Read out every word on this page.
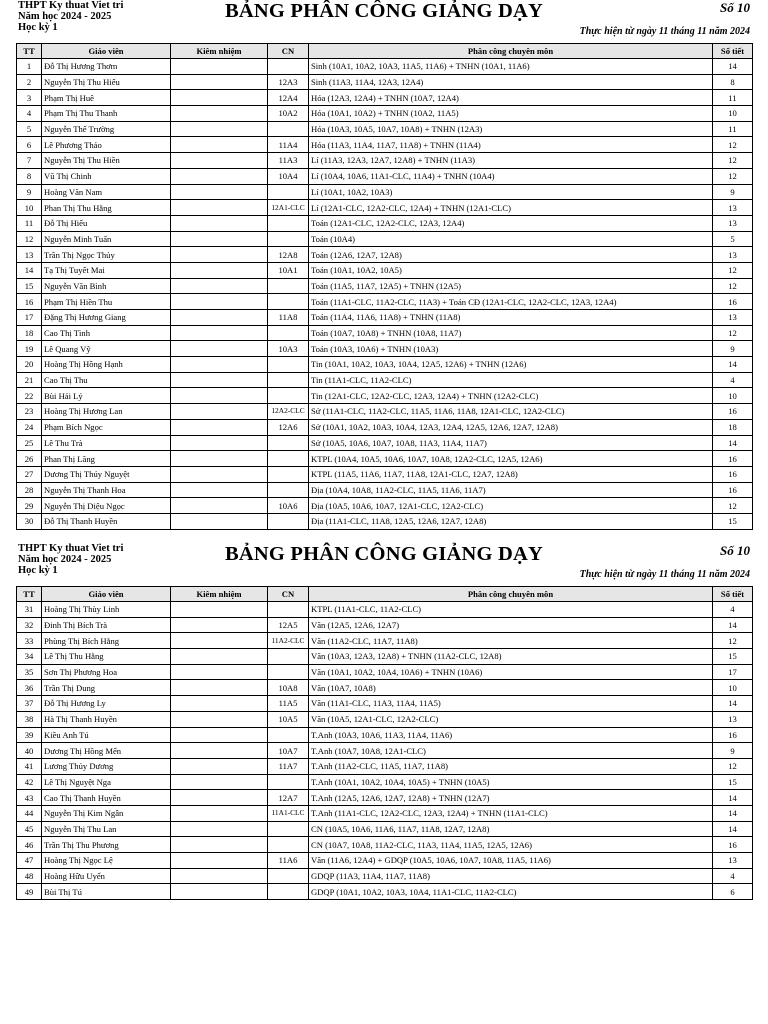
THPT Ky thuat Viet tri
Năm học 2024 - 2025
Học kỳ 1
BẢNG PHÂN CÔNG GIẢNG DẠY	Số 10
Thực hiện từ ngày 11 tháng 11 năm 2024
TT	Giáo viên	Kiêm nhiệm	CN	Phân công chuyên môn	Số tiết
1	Đỗ Thị Hương Thơm			Sinh (10A1, 10A2, 10A3, 11A5, 11A6) + TNHN (10A1, 11A6)	14
2	Nguyễn Thị Thu Hiếu		12A3	Sinh (11A3, 11A4, 12A3, 12A4)	8
3	Phạm Thị Huê		12A4	Hóa (12A3, 12A4) + TNHN (10A7, 12A4)	11
4	Phạm Thị Thu Thanh		10A2	Hóa (10A1, 10A2) + TNHN (10A2, 11A5)	10
5	Nguyễn Thế Trường			Hóa (10A3, 10A5, 10A7, 10A8) + TNHN (12A3)	11
6	Lê Phương Thảo		11A4	Hóa (11A3, 11A4, 11A7, 11A8) + TNHN (11A4)	12
7	Nguyễn Thị Thu Hiền		11A3	Lí (11A3, 12A3, 12A7, 12A8) + TNHN (11A3)	12
8	Vũ Thị Chinh		10A4	Lí (10A4, 10A6, 11A1-CLC, 11A4) + TNHN (10A4)	12
9	Hoàng Văn Nam			Lí (10A1, 10A2, 10A3)	9
10	Phan Thị Thu Hằng		12A1-CLC	Lí (12A1-CLC, 12A2-CLC, 12A4) + TNHN (12A1-CLC)	13
11	Đỗ Thị Hiếu			Toán (12A1-CLC, 12A2-CLC, 12A3, 12A4)	13
12	Nguyễn Minh Tuấn			Toán (10A4)	5
13	Trần Thị Ngọc Thủy		12A8	Toán (12A6, 12A7, 12A8)	13
14	Tạ Thị Tuyết Mai		10A1	Toán (10A1, 10A2, 10A5)	12
15	Nguyễn Văn Bình			Toán (11A5, 11A7, 12A5) + TNHN (12A5)	12
16	Phạm Thị Hiền Thu			Toán (11A1-CLC, 11A2-CLC, 11A3) + Toán CĐ (12A1-CLC, 12A2-CLC, 12A3, 12A4)	16
17	Đặng Thị Hương Giang		11A8	Toán (11A4, 11A6, 11A8) + TNHN (11A8)	13
18	Cao Thị Tình			Toán (10A7, 10A8) + TNHN (10A8, 11A7)	12
19	Lê Quang Vỹ		10A3	Toán (10A3, 10A6) + TNHN (10A3)	9
20	Hoàng Thị Hồng Hạnh			Tin (10A1, 10A2, 10A3, 10A4, 12A5, 12A6) + TNHN (12A6)	14
21	Cao Thị Thu			Tin (11A1-CLC, 11A2-CLC)	4
22	Bùi Hải Lý			Tin (12A1-CLC, 12A2-CLC, 12A3, 12A4) + TNHN (12A2-CLC)	10
23	Hoàng Thị Hương Lan		12A2-CLC	Sử (11A1-CLC, 11A2-CLC, 11A5, 11A6, 11A8, 12A1-CLC, 12A2-CLC)	16
24	Phạm Bích Ngọc		12A6	Sử (10A1, 10A2, 10A3, 10A4, 12A3, 12A4, 12A5, 12A6, 12A7, 12A8)	18
25	Lê Thu Trà			Sử (10A5, 10A6, 10A7, 10A8, 11A3, 11A4, 11A7)	14
26	Phan Thị Lãng			KTPL (10A4, 10A5, 10A6, 10A7, 10A8, 12A2-CLC, 12A5, 12A6)	16
27	Dương Thị Thúy Nguyệt			KTPL (11A5, 11A6, 11A7, 11A8, 12A1-CLC, 12A7, 12A8)	16
28	Nguyễn Thị Thanh Hoa			Địa (10A4, 10A8, 11A2-CLC, 11A5, 11A6, 11A7)	16
29	Nguyễn Thị Diệu Ngọc		10A6	Địa (10A5, 10A6, 10A7, 12A1-CLC, 12A2-CLC)	12
30	Đỗ Thị Thanh Huyền			Địa (11A1-CLC, 11A8, 12A5, 12A6, 12A7, 12A8)	15
THPT Ky thuat Viet tri
Năm học 2024 - 2025
Học kỳ 1
BẢNG PHÂN CÔNG GIẢNG DẠY	Số 10
Thực hiện từ ngày 11 tháng 11 năm 2024
TT	Giáo viên	Kiêm nhiệm	CN	Phân công chuyên môn	Số tiết
31	Hoàng Thị Thùy Linh			KTPL (11A1-CLC, 11A2-CLC)	4
32	Đinh Thị Bích Trà		12A5	Văn (12A5, 12A6, 12A7)	14
33	Phùng Thị Bích Hằng		11A2-CLC	Văn (11A2-CLC, 11A7, 11A8)	12
34	Lê Thị Thu Hằng			Văn (10A3, 12A3, 12A8) + TNHN (11A2-CLC, 12A8)	15
35	Sơn Thị Phương Hoa			Văn (10A1, 10A2, 10A4, 10A6) + TNHN (10A6)	17
36	Trần Thị Dung		10A8	Văn (10A7, 10A8)	10
37	Đỗ Thị Hương Ly		11A5	Văn (11A1-CLC, 11A3, 11A4, 11A5)	14
38	Hà Thị Thanh Huyền		10A5	Văn (10A5, 12A1-CLC, 12A2-CLC)	13
39	Kiều Anh Tú			T.Anh (10A3, 10A6, 11A3, 11A4, 11A6)	16
40	Dương Thị Hồng Mến		10A7	T.Anh (10A7, 10A8, 12A1-CLC)	9
41	Lương Thủy Dương		11A7	T.Anh (11A2-CLC, 11A5, 11A7, 11A8)	12
42	Lê Thị Nguyệt Nga			T.Anh (10A1, 10A2, 10A4, 10A5) + TNHN (10A5)	15
43	Cao Thị Thanh Huyền		12A7	T.Anh (12A5, 12A6, 12A7, 12A8) + TNHN (12A7)	14
44	Nguyễn Thị Kim Ngân		11A1-CLC	T.Anh (11A1-CLC, 12A2-CLC, 12A3, 12A4) + TNHN (11A1-CLC)	14
45	Nguyễn Thị Thu Lan			CN (10A5, 10A6, 11A6, 11A7, 11A8, 12A7, 12A8)	14
46	Trần Thị Thu Phương			CN (10A7, 10A8, 11A2-CLC, 11A3, 11A4, 11A5, 12A5, 12A6)	16
47	Hoàng Thị Ngọc Lệ		11A6	Văn (11A6, 12A4) + GDQP (10A5, 10A6, 10A7, 10A8, 11A5, 11A6)	13
48	Hoàng Hữu Uyển			GDQP (11A3, 11A4, 11A7, 11A8)	4
49	Bùi Thị Tú			GDQP (10A1, 10A2, 10A3, 10A4, 11A1-CLC, 11A2-CLC)	6
